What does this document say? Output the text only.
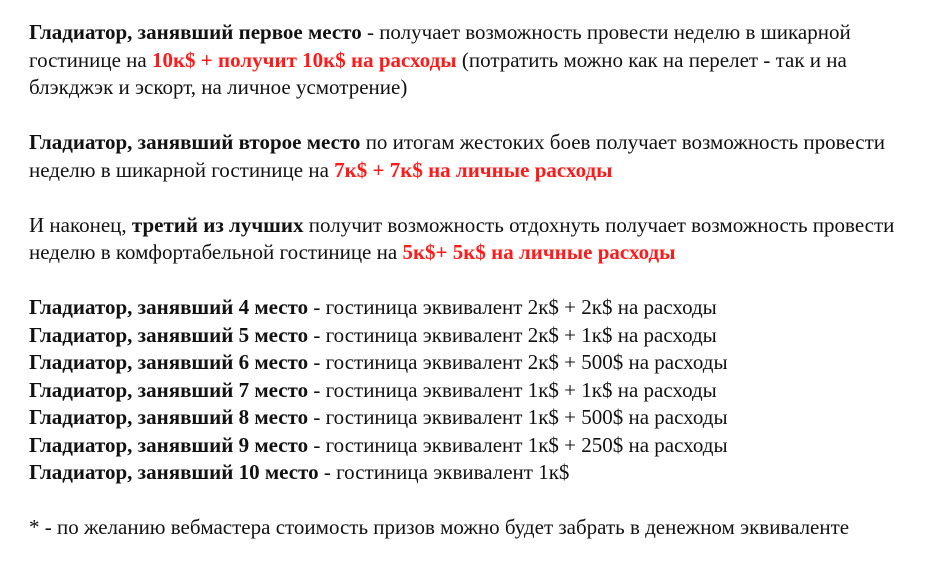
Гладиатор, занявший первое место - получает возможность провести неделю в шикарной гостинице на 10к$ + получит 10к$ на расходы (потратить можно как на перелет - так и на блэкджэк и эскорт, на личное усмотрение)

Гладиатор, занявший второе место по итогам жестоких боев получает возможность провести неделю в шикарной гостинице на 7к$ + 7к$ на личные расходы

И наконец, третий из лучших получит возможность отдохнуть получает возможность провести неделю в комфортабельной гостинице на 5к$+ 5к$ на личные расходы

Гладиатор, занявший 4 место - гостиница эквивалент 2к$ + 2к$ на расходы

Гладиатор, занявший 5 место - гостиница эквивалент 2к$ + 1к$ на расходы

Гладиатор, занявший 6 место - гостиница эквивалент 2к$ + 500$ на расходы

Гладиатор, занявший 7 место - гостиница эквивалент 1к$ + 1к$ на расходы

Гладиатор, занявший 8 место - гостиница эквивалент 1к$ + 500$ на расходы

Гладиатор, занявший 9 место - гостиница эквивалент 1к$ + 250$ на расходы

Гладиатор, занявший 10 место - гостиница эквивалент 1к$

* - по желанию вебмастера стоимость призов можно будет забрать в денежном эквиваленте
